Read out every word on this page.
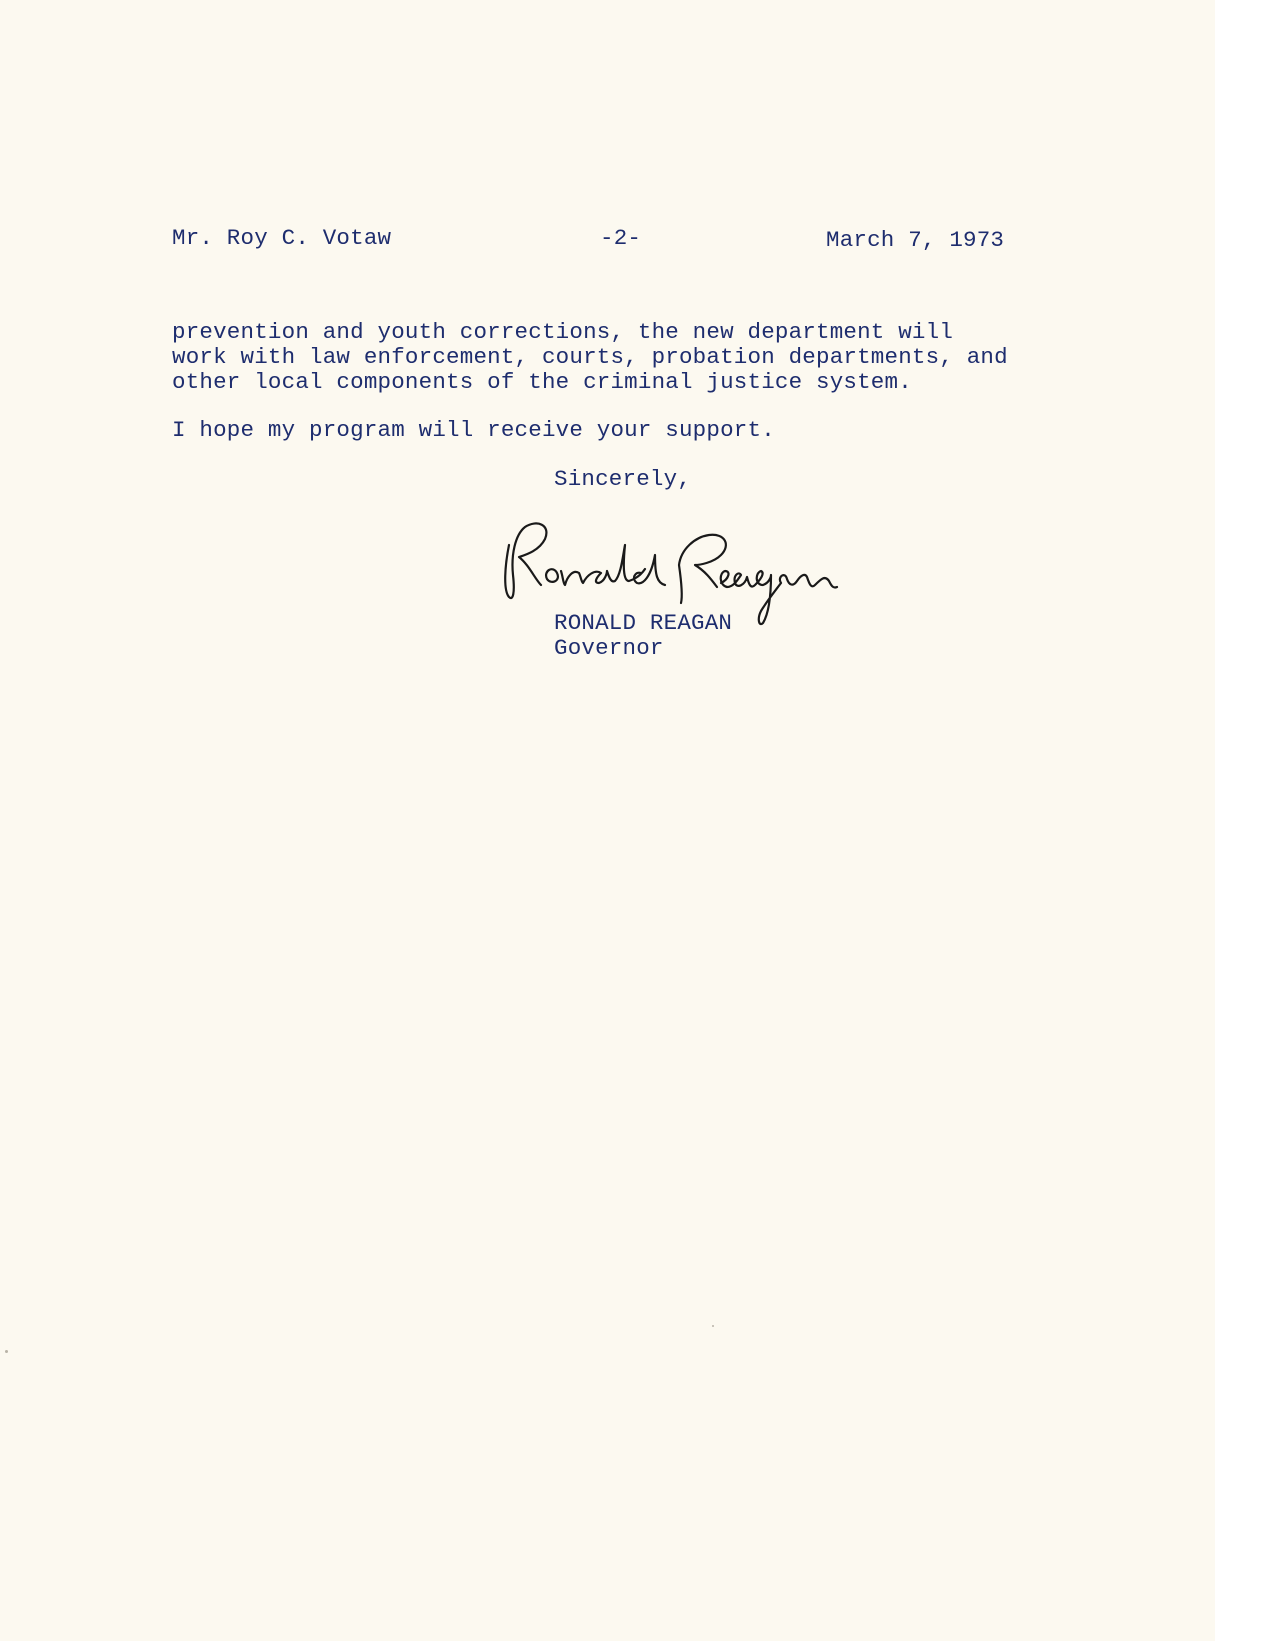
Mr. Roy C. Votaw	-2-	March 7, 1973
prevention and youth corrections, the new department will
work with law enforcement, courts, probation departments, and
other local components of the criminal justice system.
I hope my program will receive your support.
Sincerely,
RONALD REAGAN
Governor
